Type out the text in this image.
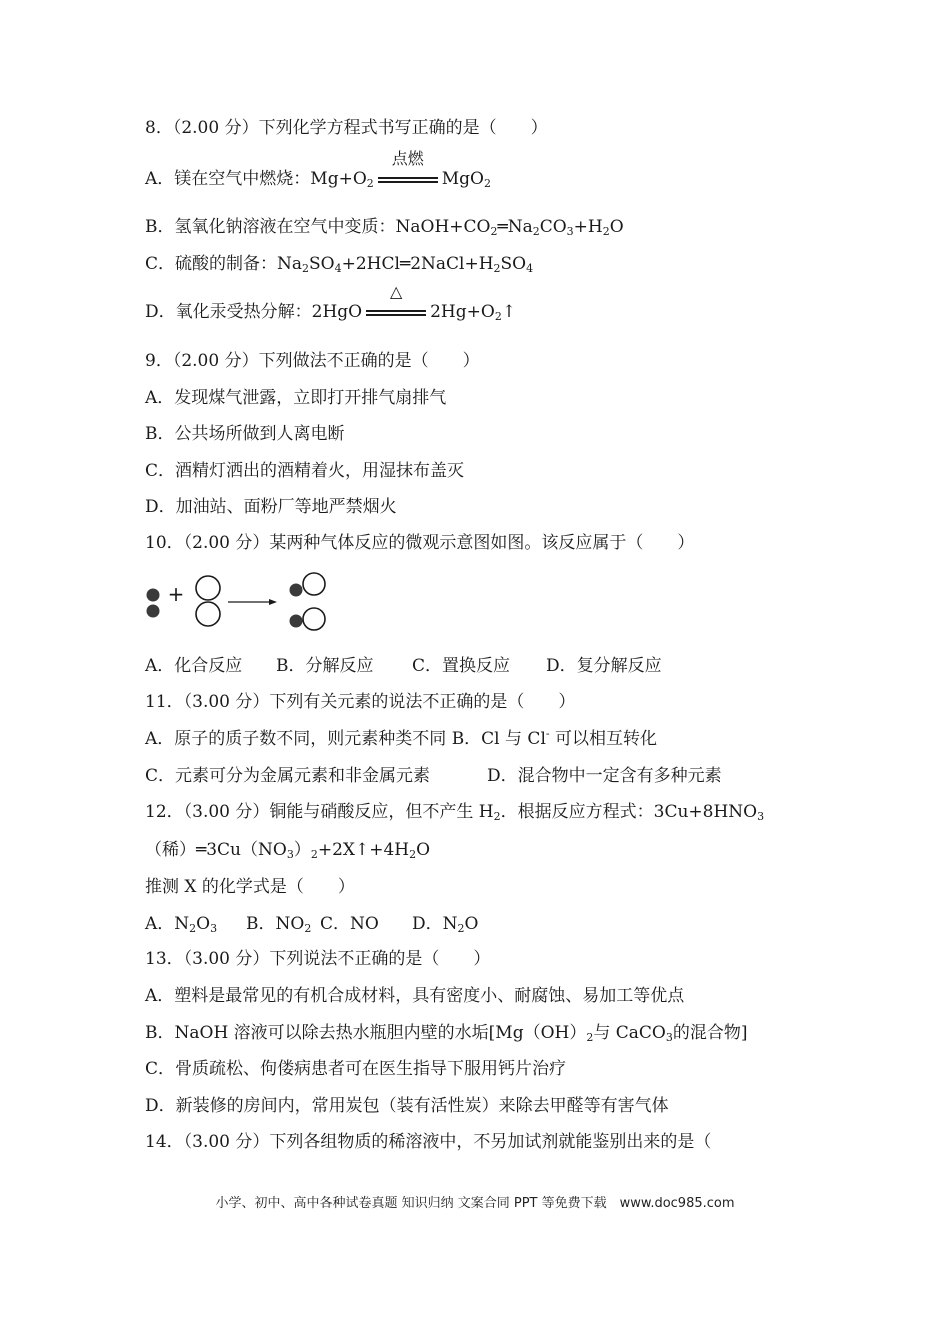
8．（2.00 分）下列化学方程式书写正确的是（　　）
A．镁在空气中燃烧：$Mg+O_2$
点燃
MgO$_2$
B．氢氧化钠溶液在空气中变质：$NaOH+CO_2═Na_2CO_3+H_2O$
C．硫酸的制备：$Na_2SO_4+2HCl═2NaCl+H_2SO_4$
D．氧化汞受热分解：2HgO
△
$2Hg+O_2↑$
9．（2.00 分）下列做法不正确的是（　　）
A．发现煤气泄露，立即打开排气扇排气
B．公共场所做到人离电断
C．酒精灯洒出的酒精着火，用湿抹布盖灭
D．加油站、面粉厂等地严禁烟火
10．（2.00 分）某两种气体反应的微观示意图如图。该反应属于（　　）
+
A．化合反应 B．分解反应 C．置换反应 D．复分解反应
11．（3.00 分）下列有关元素的说法不正确的是（　　）
A．原子的质子数不同，则元素种类不同 B．Cl 与 Cl- 可以相互转化
C．元素可分为金属元素和非金属元素	D．混合物中一定含有多种元素
12．（3.00 分）铜能与硝酸反应，但不产生 $H_2$．根据反应方程式：$3Cu+8HNO_3$
（稀）$═3Cu(NO_3)_2+2X↑+4H_2O$
推测 X 的化学式是（　　）
A．$N_2O_3$ B．$NO_2$ C．NO D．$N_2O$
13．（3.00 分）下列说法不正确的是（　　）
A．塑料是最常见的有机合成材料，具有密度小、耐腐蚀、易加工等优点
B．NaOH 溶液可以除去热水瓶胆内壁的水垢[$Mg(OH)_2$与 CaCO$_3$的混合物]
C．骨质疏松、佝偻病患者可在医生指导下服用钙片治疗
D．新装修的房间内，常用炭包（装有活性炭）来除去甲醛等有害气体
14．（3.00 分）下列各组物质的稀溶液中，不另加试剂就能鉴别出来的是（
小学、初中、高中各种试卷真题 知识归纳 文案合同 PPT 等免费下载　www.doc985.com
